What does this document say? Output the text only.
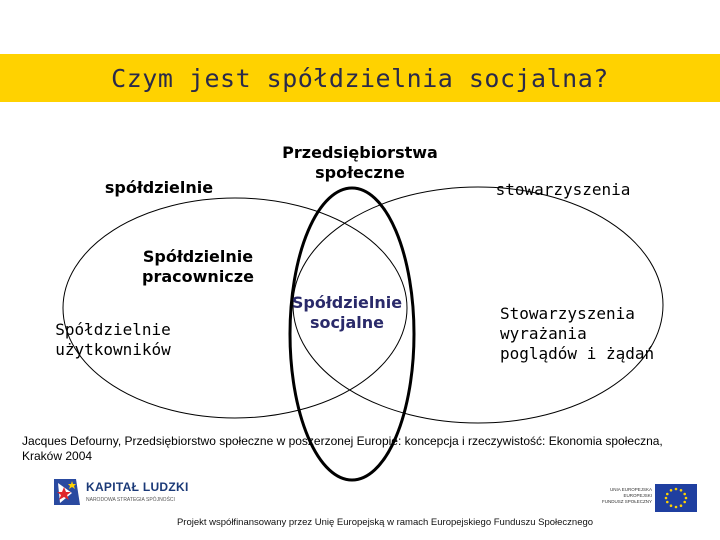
Czym jest spółdzielnia socjalna?
spółdzielnie
Przedsiębiorstwa
społeczne
stowarzyszenia
Spółdzielnie
pracownicze
Spółdzielnie
użytkowników
Spółdzielnie
socjalne	Stowarzyszenia
wyrażania
poglądów i żądań
Jacques Defourny, Przedsiębiorstwo społeczne w poszerzonej Europie: koncepcja i rzeczywistość: Ekonomia społeczna, Kraków 2004
KAPITAŁ LUDZKI
NARODOWA STRATEGIA SPÓJNOŚCI
UNIA EUROPEJSKA
EUROPEJSKI
FUNDUSZ SPOŁECZNY
Projekt współfinansowany przez Unię Europejską w ramach Europejskiego Funduszu Społecznego
